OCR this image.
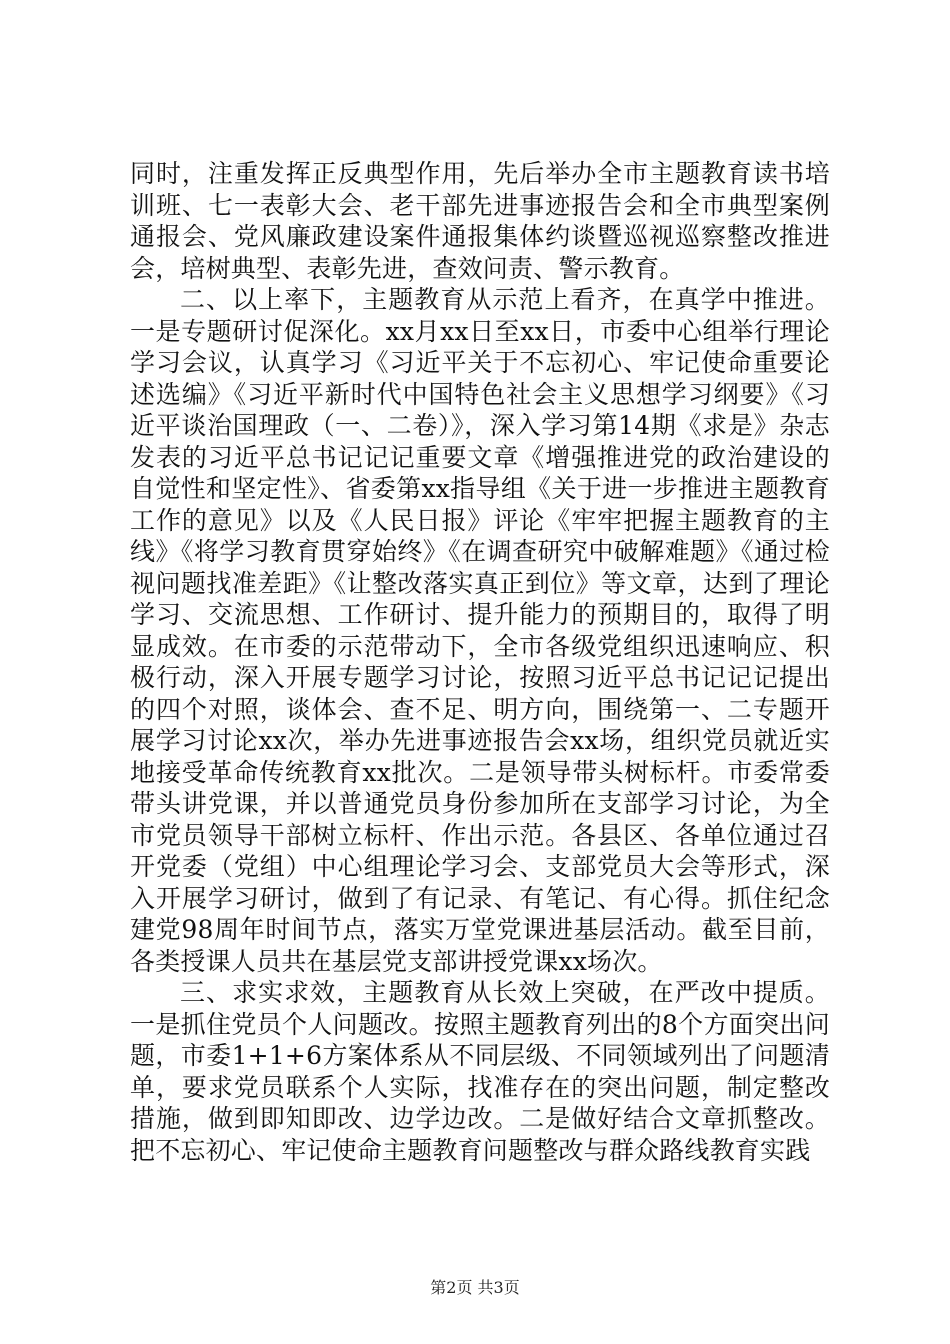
同时，注重发挥正反典型作用，先后举办全市主题教育读书培训班、七一表彰大会、老干部先进事迹报告会和全市典型案例通报会、党风廉政建设案件通报集体约谈暨巡视巡察整改推进会，培树典型、表彰先进，查效问责、警示教育。

二、以上率下，主题教育从示范上看齐，在真学中推进。一是专题研讨促深化。xx月xx日至xx日，市委中心组举行理论学习会议，认真学习《习近平关于不忘初心、牢记使命重要论述选编》《习近平新时代中国特色社会主义思想学习纲要》《习近平谈治国理政（一、二卷）》，深入学习第14期《求是》杂志发表的习近平总书记记记重要文章《增强推进党的政治建设的自觉性和坚定性》、省委第xx指导组《关于进一步推进主题教育工作的意见》以及《人民日报》评论《牢牢把握主题教育的主线》《将学习教育贯穿始终》《在调查研究中破解难题》《通过检视问题找准差距》《让整改落实真正到位》等文章，达到了理论学习、交流思想、工作研讨、提升能力的预期目的，取得了明显成效。在市委的示范带动下，全市各级党组织迅速响应、积极行动，深入开展专题学习讨论，按照习近平总书记记记提出的四个对照，谈体会、查不足、明方向，围绕第一、二专题开展学习讨论xx次，举办先进事迹报告会xx场，组织党员就近实地接受革命传统教育xx批次。二是领导带头树标杆。市委常委带头讲党课，并以普通党员身份参加所在支部学习讨论，为全市党员领导干部树立标杆、作出示范。各县区、各单位通过召开党委（党组）中心组理论学习会、支部党员大会等形式，深入开展学习研讨，做到了有记录、有笔记、有心得。抓住纪念建党98周年时间节点，落实万堂党课进基层活动。截至目前，各类授课人员共在基层党支部讲授党课xx场次。

三、求实求效，主题教育从长效上突破，在严改中提质。一是抓住党员个人问题改。按照主题教育列出的8个方面突出问题，市委1+1+6方案体系从不同层级、不同领域列出了问题清单，要求党员联系个人实际，找准存在的突出问题，制定整改措施，做到即知即改、边学边改。二是做好结合文章抓整改。把不忘初心、牢记使命主题教育问题整改与群众路线教育实践

第2页 共3页
